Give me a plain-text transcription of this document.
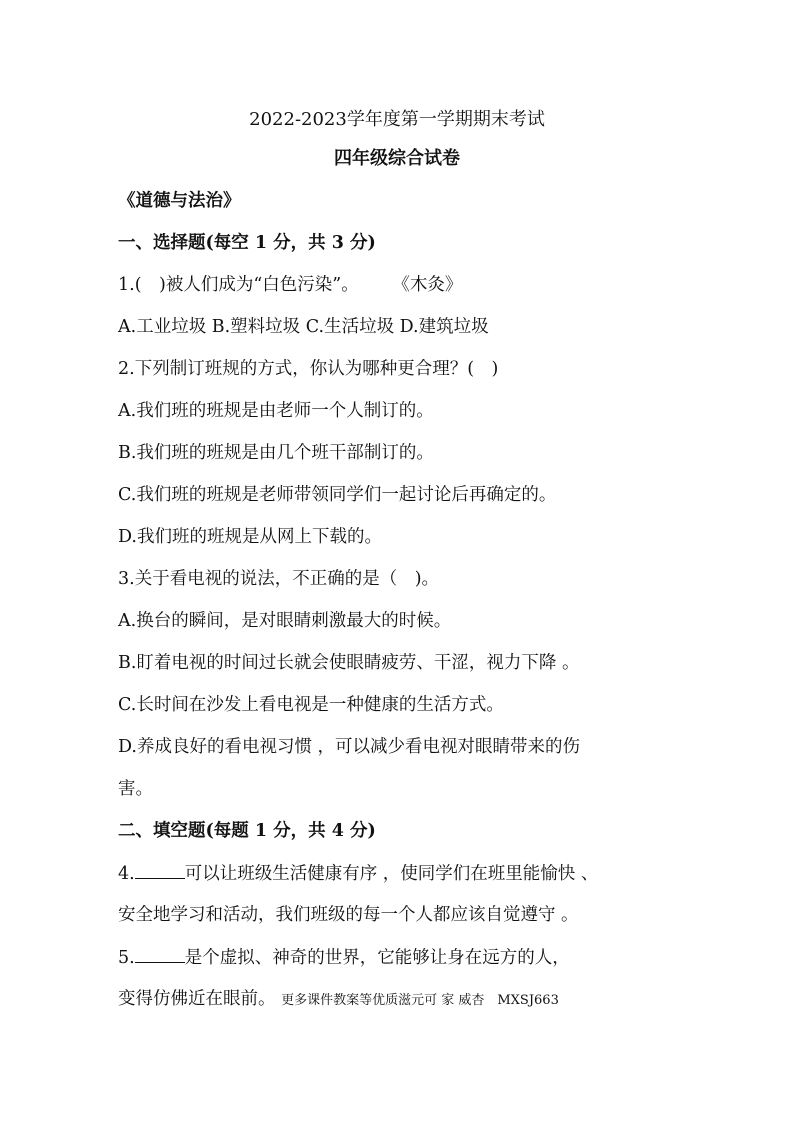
2022-2023学年度第一学期期末考试
四年级综合试卷
《道德与法治》
一、选择题(每空 1 分，共 3 分)
1.(　)被人们成为“白色污染”。 《木灸》
A.工业垃圾 B.塑料垃圾 C.生活垃圾 D.建筑垃圾
2.下列制订班规的方式，你认为哪种更合理？(　)
A.我们班的班规是由老师一个人制订的。
B.我们班的班规是由几个班干部制订的。
C.我们班的班规是老师带领同学们一起讨论后再确定的。
D.我们班的班规是从网上下载的。
3.关于看电视的说法，不正确的是（　)。
A.换台的瞬间，是对眼睛刺激最大的时候。
B.盯着电视的时间过长就会使眼睛疲劳、干涩，视力下降 。
C.长时间在沙发上看电视是一种健康的生活方式。
D.养成良好的看电视习惯 ，可以减少看电视对眼睛带来的伤
害。
二、填空题(每题 1 分，共 4 分)
4.	可以让班级生活健康有序 ，使同学们在班里能愉快 、
安全地学习和活动，我们班级的每一个人都应该自觉遵守 。
5.	是个虚拟、神奇的世界，它能够让身在远方的人，
变得仿佛近在眼前。 更多课件教案等优质滋元可 家 威杏　MXSJ663
